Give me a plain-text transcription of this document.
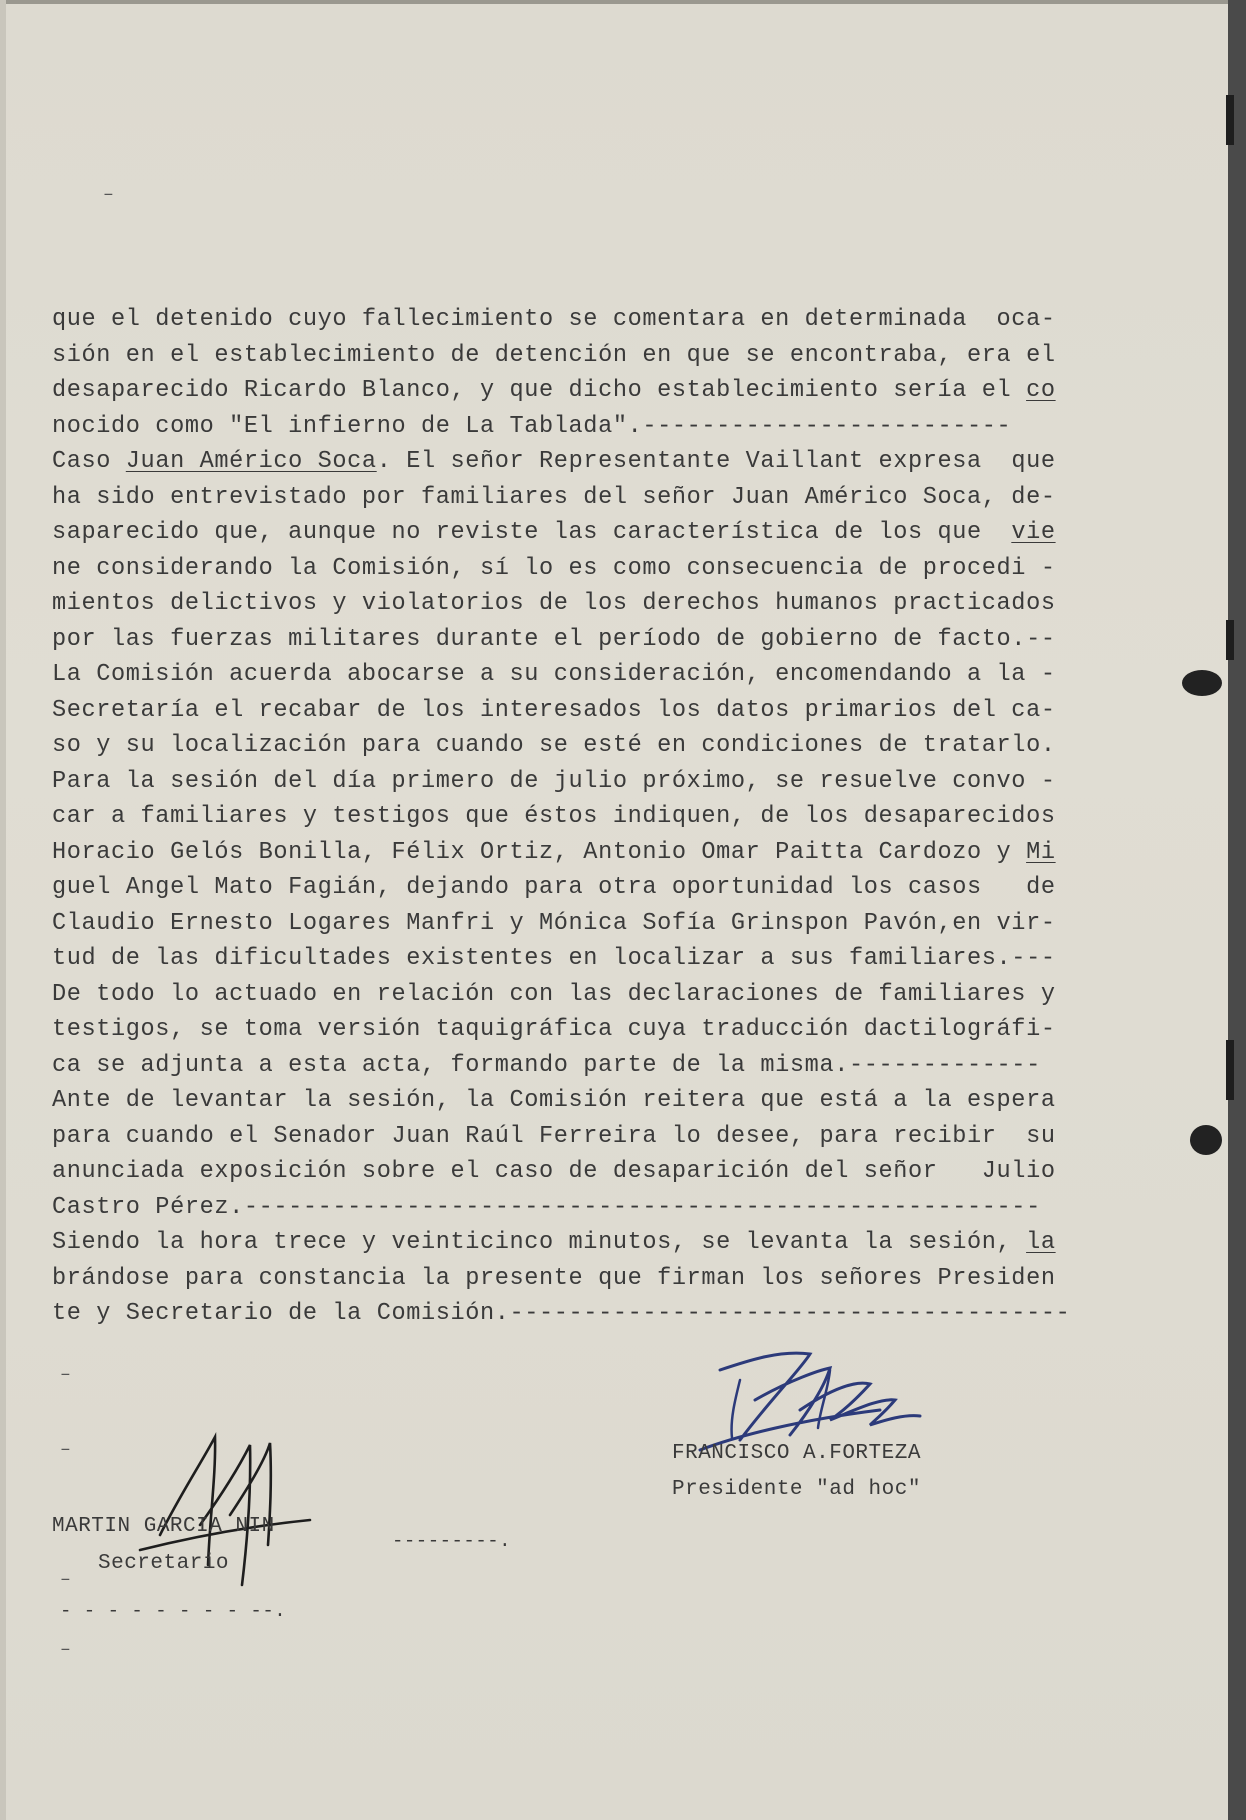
–
–
–
–
–
que el detenido cuyo fallecimiento se comentara en determinada  oca-
sión en el establecimiento de detención en que se encontraba, era el
desaparecido Ricardo Blanco, y que dicho establecimiento sería el co
nocido como "El infierno de La Tablada".-------------------------
Caso Juan Américo Soca. El señor Representante Vaillant expresa  que
ha sido entrevistado por familiares del señor Juan Américo Soca, de-
saparecido que, aunque no reviste las característica de los que  vie
ne considerando la Comisión, sí lo es como consecuencia de procedi -
mientos delictivos y violatorios de los derechos humanos practicados
por las fuerzas militares durante el período de gobierno de facto.--
La Comisión acuerda abocarse a su consideración, encomendando a la -
Secretaría el recabar de los interesados los datos primarios del ca-
so y su localización para cuando se esté en condiciones de tratarlo.
Para la sesión del día primero de julio próximo, se resuelve convo -
car a familiares y testigos que éstos indiquen, de los desaparecidos
Horacio Gelós Bonilla, Félix Ortiz, Antonio Omar Paitta Cardozo y Mi
guel Angel Mato Fagián, dejando para otra oportunidad los casos   de
Claudio Ernesto Logares Manfri y Mónica Sofía Grinspon Pavón,en vir-
tud de las dificultades existentes en localizar a sus familiares.---
De todo lo actuado en relación con las declaraciones de familiares y
testigos, se toma versión taquigráfica cuya traducción dactilográfi-
ca se adjunta a esta acta, formando parte de la misma.-------------
Ante de levantar la sesión, la Comisión reitera que está a la espera
para cuando el Senador Juan Raúl Ferreira lo desee, para recibir  su
anunciada exposición sobre el caso de desaparición del señor   Julio
Castro Pérez.------------------------------------------------------
Siendo la hora trece y veinticinco minutos, se levanta la sesión, la
brándose para constancia la presente que firman los señores Presiden
te y Secretario de la Comisión.--------------------------------------
FRANCISCO A.FORTEZA
Presidente "ad hoc"
MARTIN GARCIA NIN
Secretario
---------.
- - - - - - - - --.
